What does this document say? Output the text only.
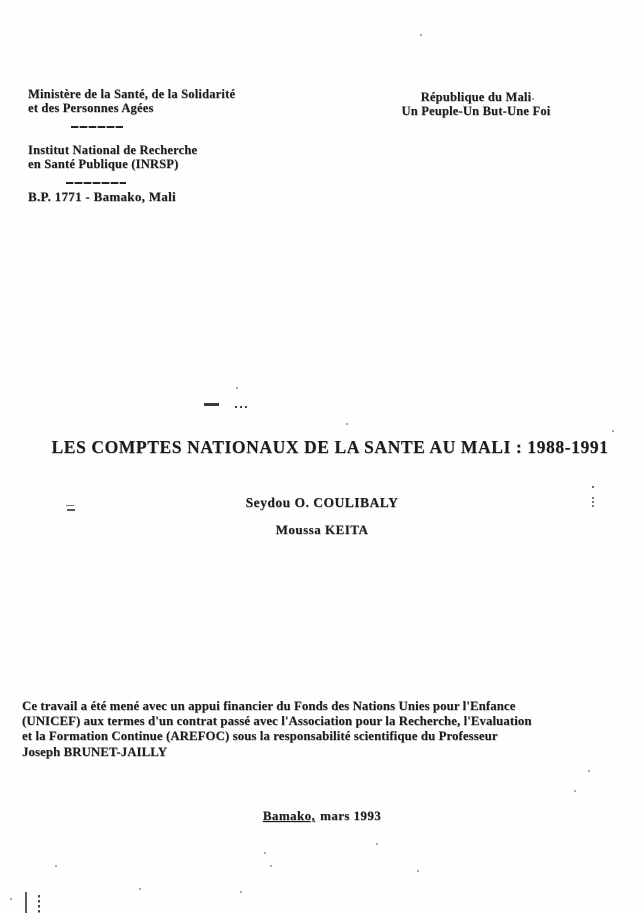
Ministère de la Santé, de la Solidarité
et des Personnes Agées
Institut National de Recherche
en Santé Publique (INRSP)
B.P. 1771 - Bamako, Mali
République du Mali
Un Peuple-Un But-Une Foi
LES COMPTES NATIONAUX DE LA SANTE AU MALI : 1988-1991
Seydou O. COULIBALY
Moussa KEITA
Ce travail a été mené avec un appui financier du Fonds des Nations Unies pour l'Enfance
(UNICEF) aux termes d'un contrat passé avec l'Association pour la Recherche, l'Evaluation
et la Formation Continue (AREFOC) sous la responsabilité scientifique du Professeur
Joseph BRUNET-JAILLY
Bamako, mars 1993
